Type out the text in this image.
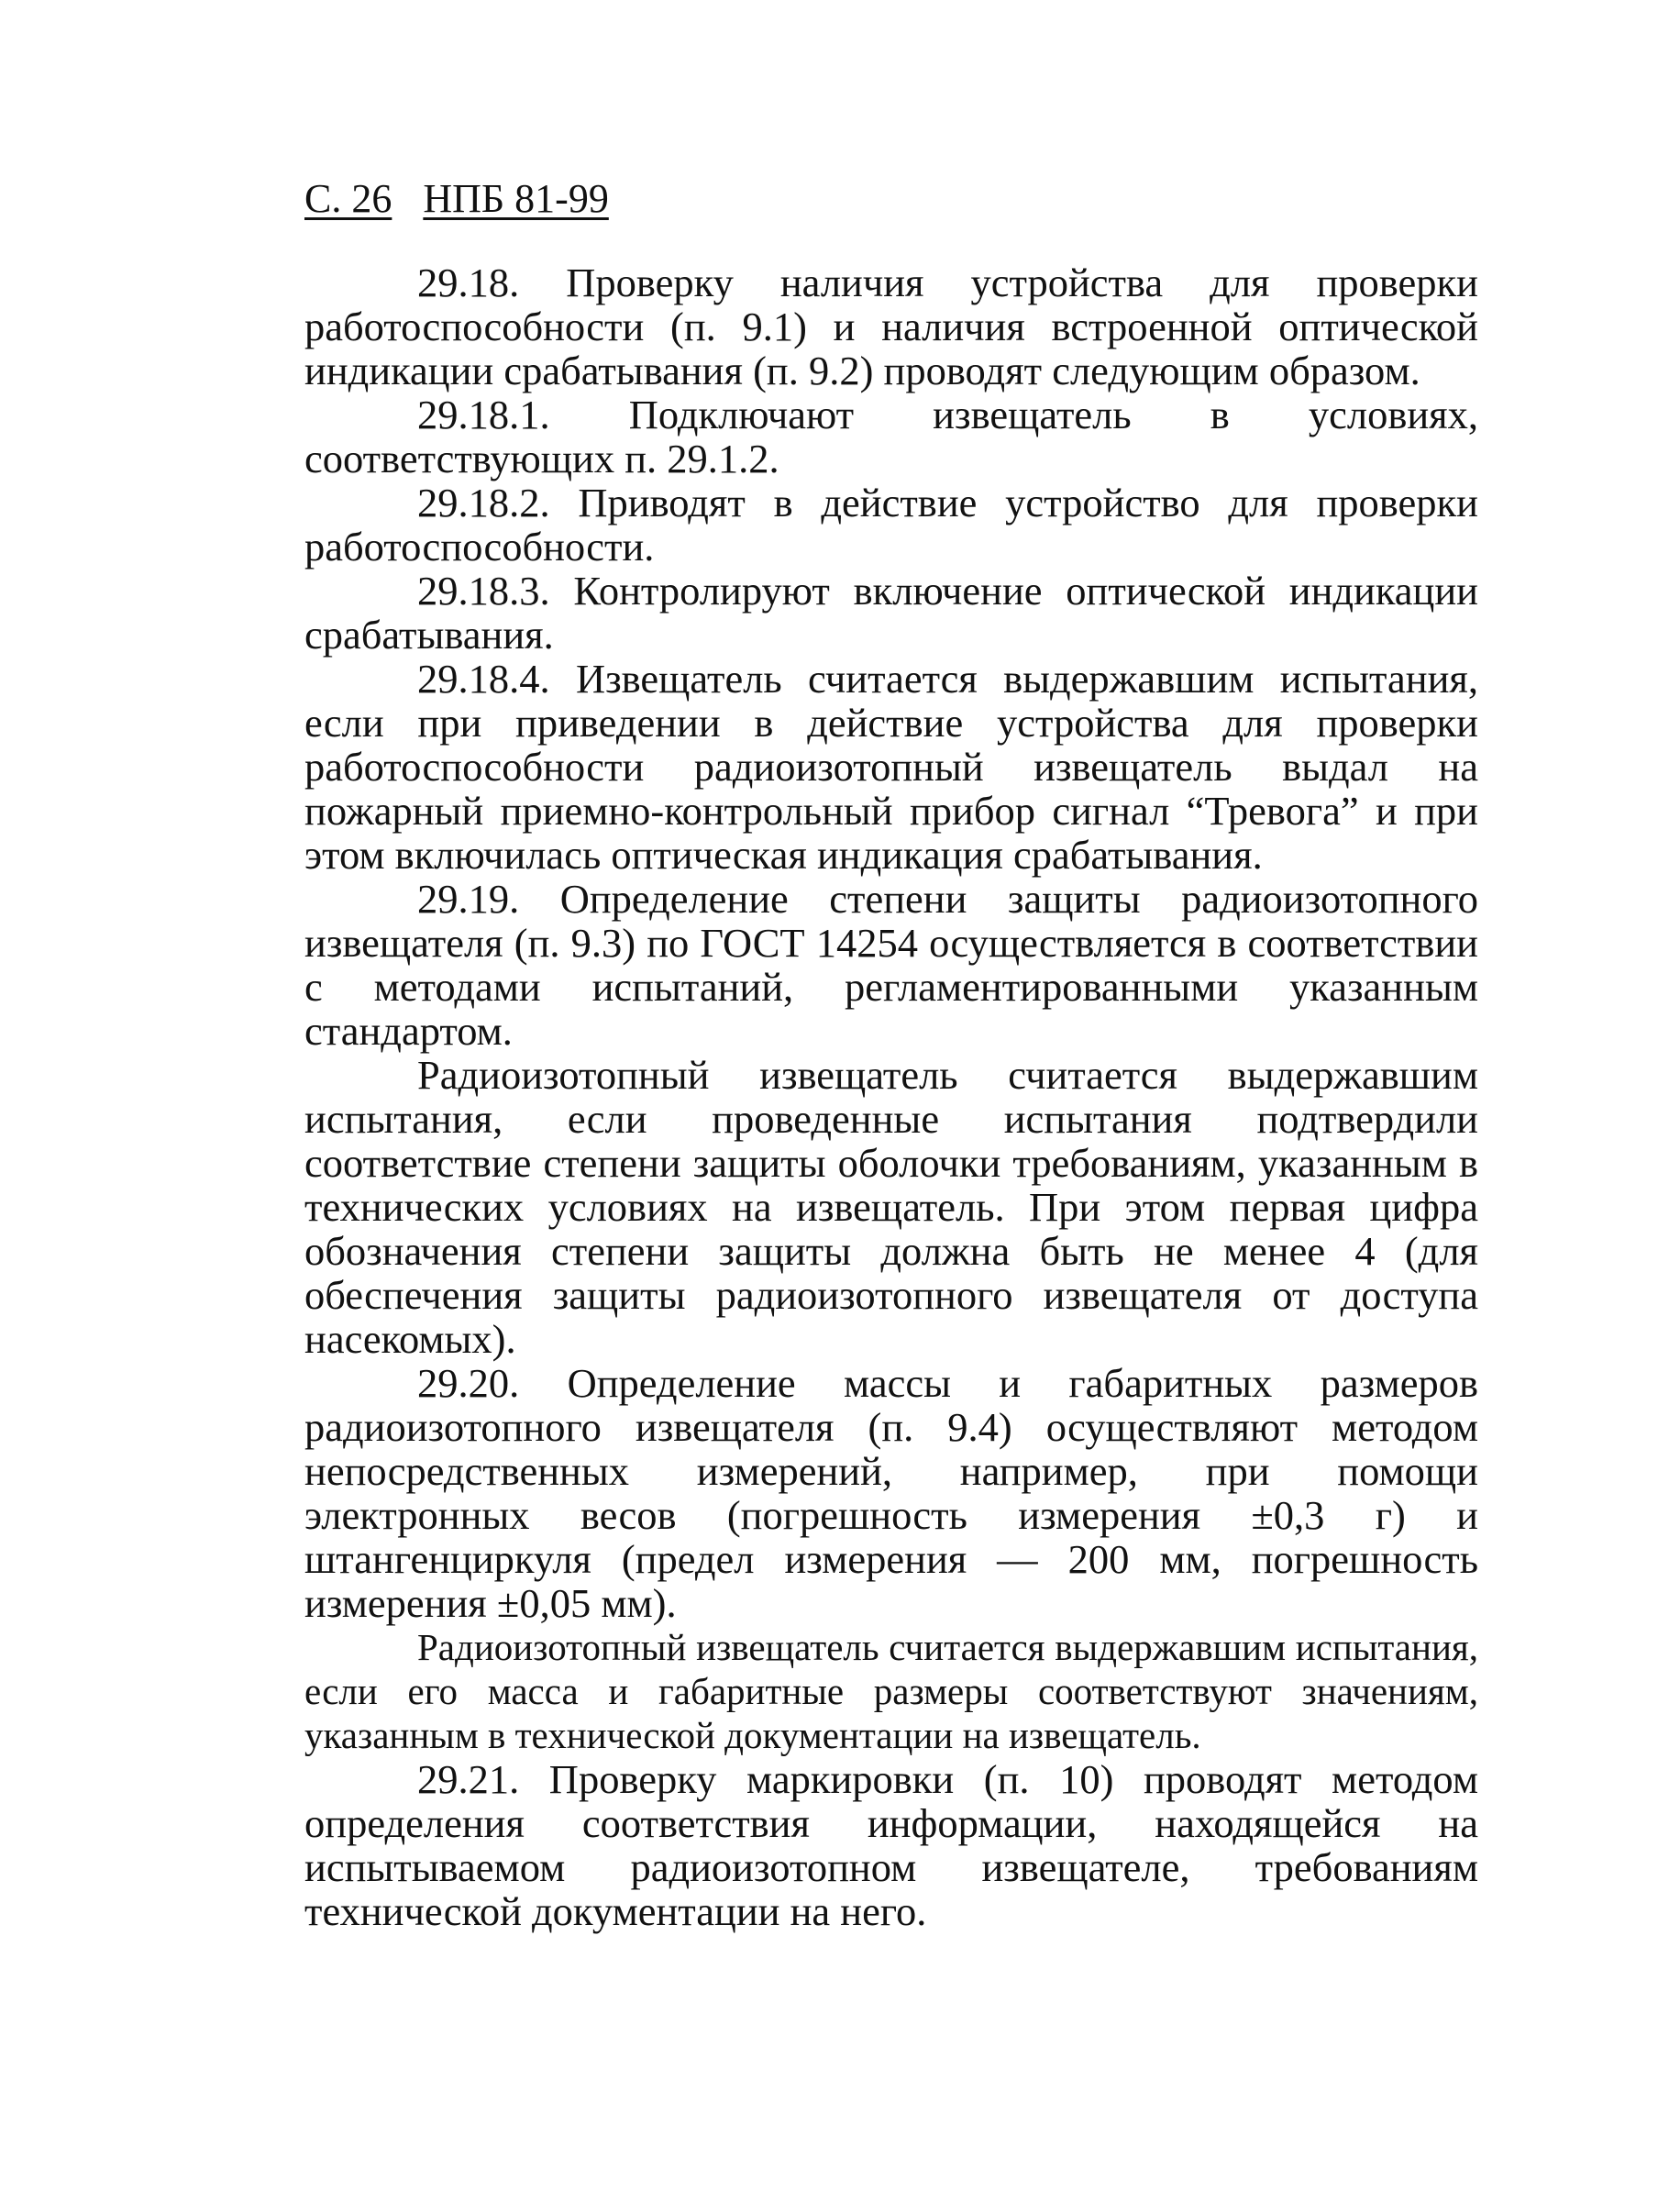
С. 26 НПБ 81-99

29.18. Проверку наличия устройства для проверки работоспособности (п. 9.1) и наличия встроенной оптической индикации срабатывания (п. 9.2) проводят следующим образом.

29.18.1. Подключают извещатель в условиях, соответствующих п. 29.1.2.

29.18.2. Приводят в действие устройство для проверки работоспособности.

29.18.3. Контролируют включение оптической индикации срабатывания.

29.18.4. Извещатель считается выдержавшим испытания, если при приведении в действие устройства для проверки работоспособности радиоизотопный извещатель выдал на пожарный приемно-контрольный прибор сигнал “Тревога” и при этом включилась оптическая индикация срабатывания.

29.19. Определение степени защиты радиоизотопного извещателя (п. 9.3) по ГОСТ 14254 осуществляется в соответствии с методами испытаний, регламентированными указанным стандартом.

Радиоизотопный извещатель считается выдержавшим испытания, если проведенные испытания подтвердили соответствие степени защиты оболочки требованиям, указанным в технических условиях на извещатель. При этом первая цифра обозначения степени защиты должна быть не менее 4 (для обеспечения защиты радиоизотопного извещателя от доступа насекомых).

29.20. Определение массы и габаритных размеров радиоизотопного извещателя (п. 9.4) осуществляют методом непосредственных измерений, например, при помощи электронных весов (погрешность измерения ±0,3 г) и штангенциркуля (предел измерения — 200 мм, погрешность измерения ±0,05 мм).

Радиоизотопный извещатель считается выдержавшим испытания, если его масса и габаритные размеры соответствуют значениям, указанным в технической документации на извещатель.

29.21. Проверку маркировки (п. 10) проводят методом определения соответствия информации, находящейся на испытываемом радиоизотопном извещателе, требованиям технической документации на него.
